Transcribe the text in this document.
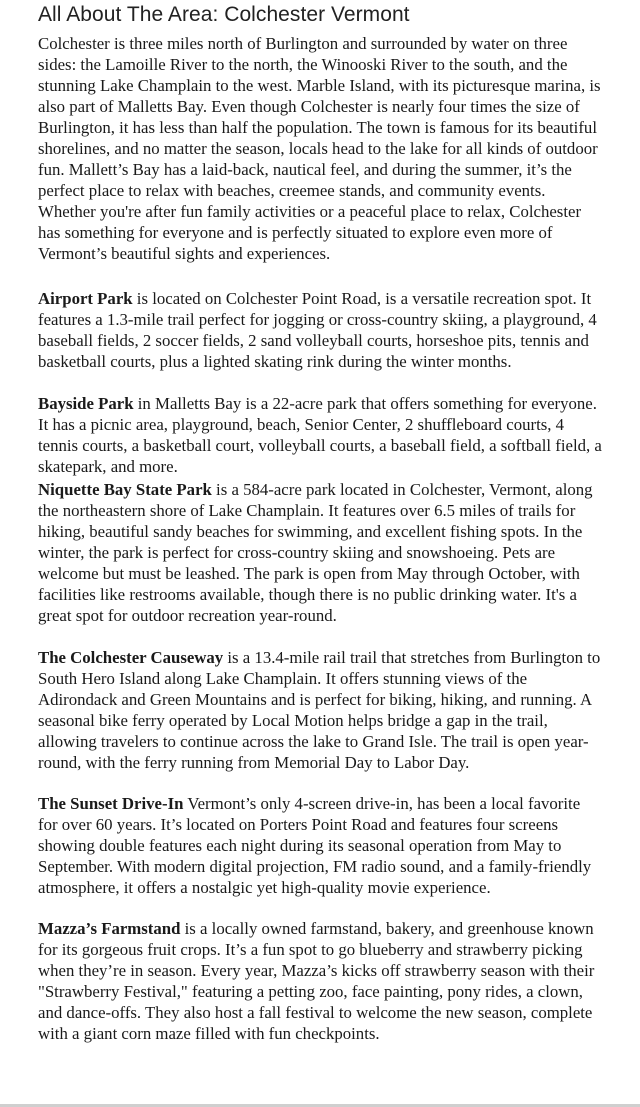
All About The Area: Colchester Vermont

Colchester is three miles north of Burlington and surrounded by water on three sides: the Lamoille River to the north, the Winooski River to the south, and the stunning Lake Champlain to the west. Marble Island, with its picturesque marina, is also part of Malletts Bay. Even though Colchester is nearly four times the size of Burlington, it has less than half the population. The town is famous for its beautiful shorelines, and no matter the season, locals head to the lake for all kinds of outdoor fun. Mallett’s Bay has a laid-back, nautical feel, and during the summer, it’s the perfect place to relax with beaches, creemee stands, and community events. Whether you're after fun family activities or a peaceful place to relax, Colchester has something for everyone and is perfectly situated to explore even more of Vermont’s beautiful sights and experiences.

Airport Park is located on Colchester Point Road, is a versatile recreation spot. It features a 1.3-mile trail perfect for jogging or cross-country skiing, a playground, 4 baseball fields, 2 soccer fields, 2 sand volleyball courts, horseshoe pits, tennis and basketball courts, plus a lighted skating rink during the winter months.

Bayside Park in Malletts Bay is a 22-acre park that offers something for everyone. It has a picnic area, playground, beach, Senior Center, 2 shuffleboard courts, 4 tennis courts, a basketball court, volleyball courts, a baseball field, a softball field, a skatepark, and more.

Niquette Bay State Park is a 584-acre park located in Colchester, Vermont, along the northeastern shore of Lake Champlain. It features over 6.5 miles of trails for hiking, beautiful sandy beaches for swimming, and excellent fishing spots. In the winter, the park is perfect for cross-country skiing and snowshoeing. Pets are welcome but must be leashed. The park is open from May through October, with facilities like restrooms available, though there is no public drinking water. It's a great spot for outdoor recreation year-round.

The Colchester Causeway is a 13.4-mile rail trail that stretches from Burlington to South Hero Island along Lake Champlain. It offers stunning views of the Adirondack and Green Mountains and is perfect for biking, hiking, and running. A seasonal bike ferry operated by Local Motion helps bridge a gap in the trail, allowing travelers to continue across the lake to Grand Isle. The trail is open year-round, with the ferry running from Memorial Day to Labor Day.

The Sunset Drive-In Vermont’s only 4-screen drive-in, has been a local favorite for over 60 years. It’s located on Porters Point Road and features four screens showing double features each night during its seasonal operation from May to September. With modern digital projection, FM radio sound, and a family-friendly atmosphere, it offers a nostalgic yet high-quality movie experience.

Mazza’s Farmstand is a locally owned farmstand, bakery, and greenhouse known for its gorgeous fruit crops. It’s a fun spot to go blueberry and strawberry picking when they’re in season. Every year, Mazza’s kicks off strawberry season with their "Strawberry Festival," featuring a petting zoo, face painting, pony rides, a clown, and dance-offs. They also host a fall festival to welcome the new season, complete with a giant corn maze filled with fun checkpoints.
